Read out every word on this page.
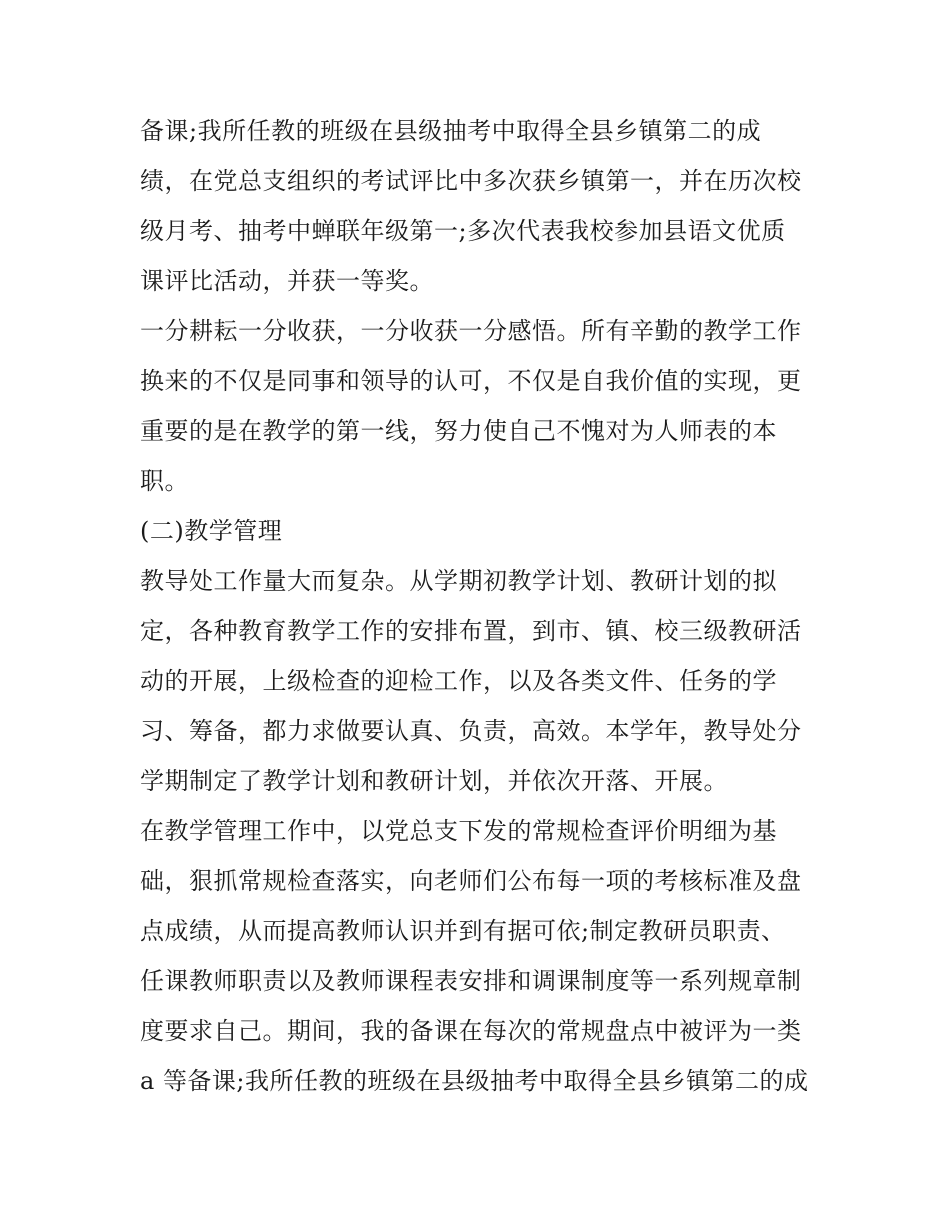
备课;我所任教的班级在县级抽考中取得全县乡镇第二的成
绩，在党总支组织的考试评比中多次获乡镇第一，并在历次校
级月考、抽考中蝉联年级第一;多次代表我校参加县语文优质
课评比活动，并获一等奖。
一分耕耘一分收获，一分收获一分感悟。所有辛勤的教学工作
换来的不仅是同事和领导的认可，不仅是自我价值的实现，更
重要的是在教学的第一线，努力使自己不愧对为人师表的本
职。
(二)教学管理
教导处工作量大而复杂。从学期初教学计划、教研计划的拟
定，各种教育教学工作的安排布置，到市、镇、校三级教研活
动的开展，上级检查的迎检工作，以及各类文件、任务的学
习、筹备，都力求做要认真、负责，高效。本学年，教导处分
学期制定了教学计划和教研计划，并依次开落、开展。
在教学管理工作中，以党总支下发的常规检查评价明细为基
础，狠抓常规检查落实，向老师们公布每一项的考核标准及盘
点成绩，从而提高教师认识并到有据可依;制定教研员职责、
任课教师职责以及教师课程表安排和调课制度等一系列规章制
度要求自己。期间，我的备课在每次的常规盘点中被评为一类
a 等备课;我所任教的班级在县级抽考中取得全县乡镇第二的成
